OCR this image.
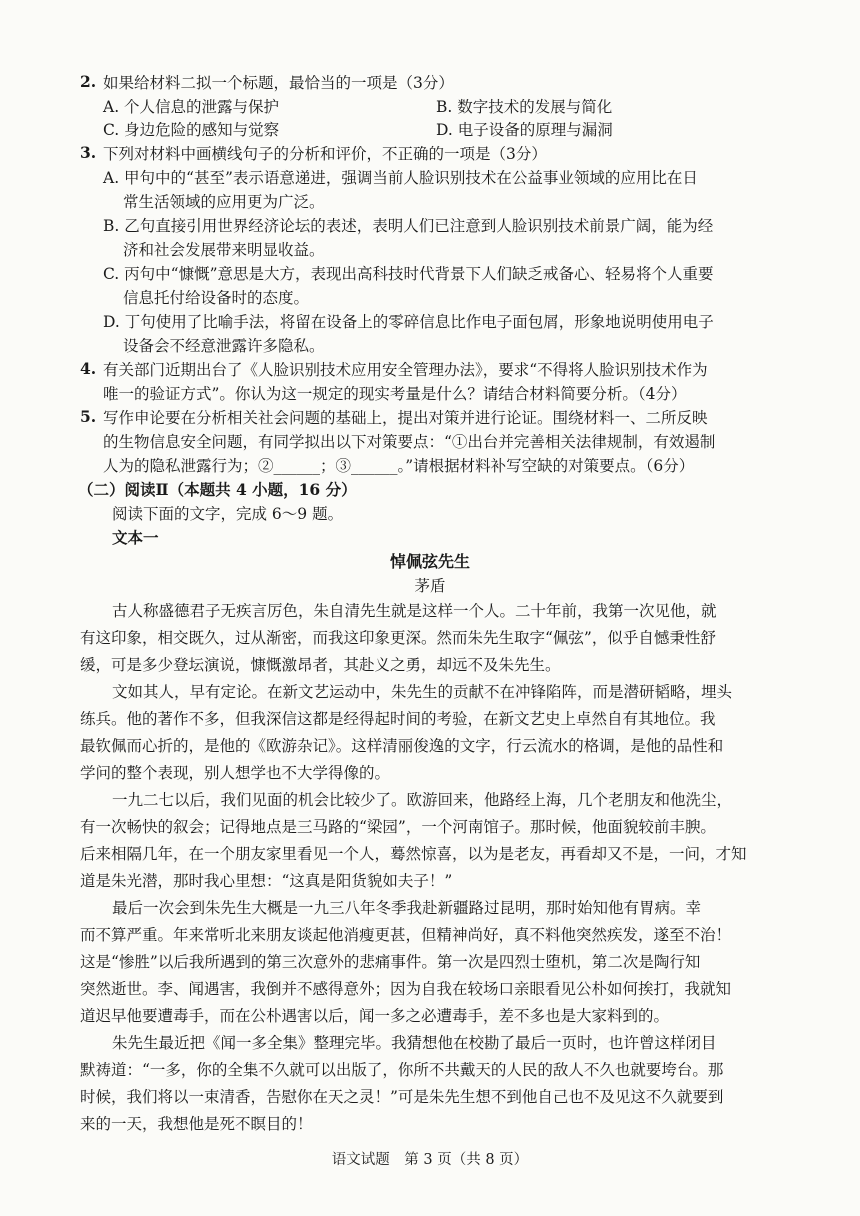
2. 如果给材料二拟一个标题，最恰当的一项是（3分）
A. 个人信息的泄露与保护	B. 数字技术的发展与简化
C. 身边危险的感知与觉察	D. 电子设备的原理与漏洞
3. 下列对材料中画横线句子的分析和评价，不正确的一项是（3分）
A. 甲句中的“甚至”表示语意递进，强调当前人脸识别技术在公益事业领域的应用比在日
常生活领域的应用更为广泛。
B. 乙句直接引用世界经济论坛的表述，表明人们已注意到人脸识别技术前景广阔，能为经
济和社会发展带来明显收益。
C. 丙句中“慷慨”意思是大方，表现出高科技时代背景下人们缺乏戒备心、轻易将个人重要
信息托付给设备时的态度。
D. 丁句使用了比喻手法，将留在设备上的零碎信息比作电子面包屑，形象地说明使用电子
设备会不经意泄露许多隐私。
4. 有关部门近期出台了《人脸识别技术应用安全管理办法》，要求“不得将人脸识别技术作为
唯一的验证方式”。你认为这一规定的现实考量是什么？请结合材料简要分析。（4分）
5. 写作申论要在分析相关社会问题的基础上，提出对策并进行论证。围绕材料一、二所反映
的生物信息安全问题，有同学拟出以下对策要点：“①出台并完善相关法律规制，有效遏制
人为的隐私泄露行为；②______；③______。”请根据材料补写空缺的对策要点。（6分）
（二）阅读Ⅱ（本题共 4 小题，16 分）
阅读下面的文字，完成 6～9 题。
文本一
悼佩弦先生
茅盾
古人称盛德君子无疾言厉色，朱自清先生就是这样一个人。二十年前，我第一次见他，就
有这印象，相交既久，过从渐密，而我这印象更深。然而朱先生取字“佩弦”，似乎自憾秉性舒
缓，可是多少登坛演说，慷慨激昂者，其赴义之勇，却远不及朱先生。
文如其人，早有定论。在新文艺运动中，朱先生的贡献不在冲锋陷阵，而是潜研韬略，埋头
练兵。他的著作不多，但我深信这都是经得起时间的考验，在新文艺史上卓然自有其地位。我
最钦佩而心折的，是他的《欧游杂记》。这样清丽俊逸的文字，行云流水的格调，是他的品性和
学问的整个表现，别人想学也不大学得像的。
一九二七以后，我们见面的机会比较少了。欧游回来，他路经上海，几个老朋友和他洗尘，
有一次畅快的叙会；记得地点是三马路的“梁园”，一个河南馆子。那时候，他面貌较前丰腴。
后来相隔几年，在一个朋友家里看见一个人，蓦然惊喜，以为是老友，再看却又不是，一问，才知
道是朱光潜，那时我心里想：“这真是阳货貌如夫子！”
最后一次会到朱先生大概是一九三八年冬季我赴新疆路过昆明，那时始知他有胃病。幸
而不算严重。年来常听北来朋友谈起他消瘦更甚，但精神尚好，真不料他突然疾发，遂至不治！
这是“惨胜”以后我所遇到的第三次意外的悲痛事件。第一次是四烈士堕机，第二次是陶行知
突然逝世。李、闻遇害，我倒并不感得意外；因为自我在较场口亲眼看见公朴如何挨打，我就知
道迟早他要遭毒手，而在公朴遇害以后，闻一多之必遭毒手，差不多也是大家料到的。
朱先生最近把《闻一多全集》整理完毕。我猜想他在校勘了最后一页时，也许曾这样闭目
默祷道：“一多，你的全集不久就可以出版了，你所不共戴天的人民的敌人不久也就要垮台。那
时候，我们将以一束清香，告慰你在天之灵！”可是朱先生想不到他自己也不及见这不久就要到
来的一天，我想他是死不瞑目的！
语文试题　第 3 页（共 8 页）
